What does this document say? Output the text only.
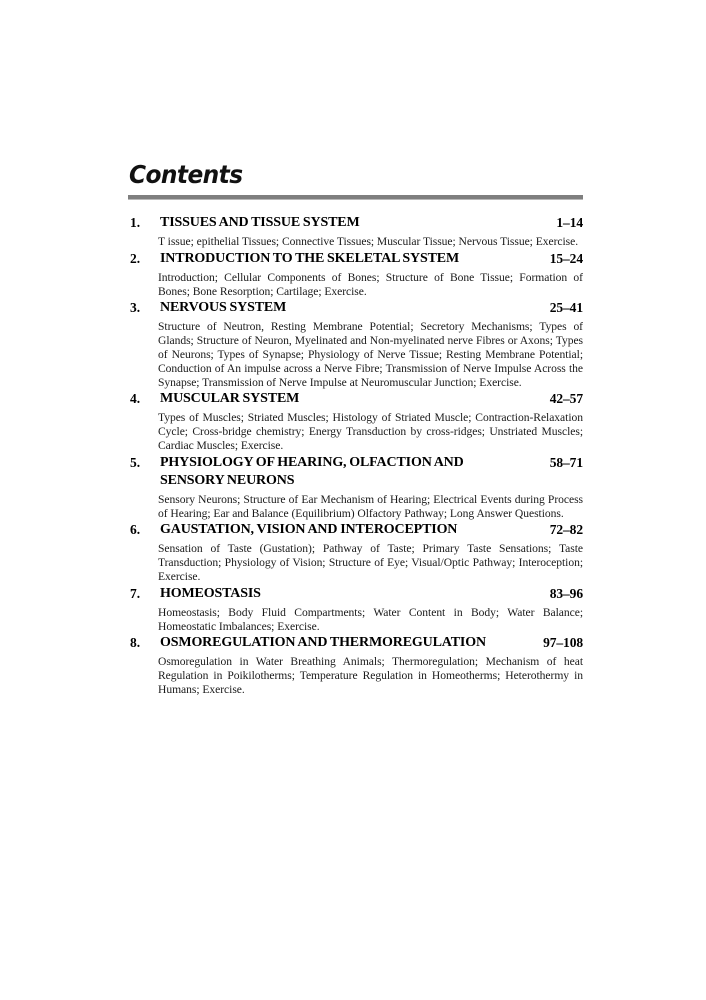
Contents
1.	TISSUES AND TISSUE SYSTEM	1–14
T issue; epithelial Tissues; Connective Tissues; Muscular Tissue; Nervous Tissue; Exercise.
2.	INTRODUCTION TO THE SKELETAL SYSTEM	15–24
Introduction; Cellular Components of Bones; Structure of Bone Tissue; Formation of Bones; Bone Resorption; Cartilage; Exercise.
3.	NERVOUS SYSTEM	25–41
Structure of Neutron, Resting Membrane Potential; Secretory Mechanisms; Types of Glands; Structure of Neuron, Myelinated and Non-myelinated nerve Fibres or Axons; Types of Neurons; Types of Synapse; Physiology of Nerve Tissue; Resting Membrane Potential; Conduction of An impulse across a Nerve Fibre; Transmission of Nerve Impulse Across the Synapse; Transmission of Nerve Impulse at Neuromuscular Junction; Exercise.
4.	MUSCULAR SYSTEM	42–57
Types of Muscles; Striated Muscles; Histology of Striated Muscle; Contraction-Relaxation Cycle; Cross-bridge chemistry; Energy Transduction by cross-ridges; Unstriated Muscles; Cardiac Muscles; Exercise.
5.	PHYSIOLOGY OF HEARING, OLFACTION AND SENSORY NEURONS
58–71
Sensory Neurons; Structure of Ear Mechanism of Hearing; Electrical Events during Process of Hearing; Ear and Balance (Equilibrium) Olfactory Pathway; Long Answer Questions.
6.	GAUSTATION, VISION AND INTEROCEPTION	72–82
Sensation of Taste (Gustation); Pathway of Taste; Primary Taste Sensations; Taste Transduction; Physiology of Vision; Structure of Eye; Visual/Optic Pathway; Interoception; Exercise.
7.	HOMEOSTASIS	83–96
Homeostasis; Body Fluid Compartments; Water Content in Body; Water Balance; Homeostatic Imbalances; Exercise.
8.	OSMOREGULATION AND THERMOREGULATION	97–108
Osmoregulation in Water Breathing Animals; Thermoregulation; Mechanism of heat Regulation in Poikilotherms; Temperature Regulation in Homeotherms; Heterothermy in Humans; Exercise.
